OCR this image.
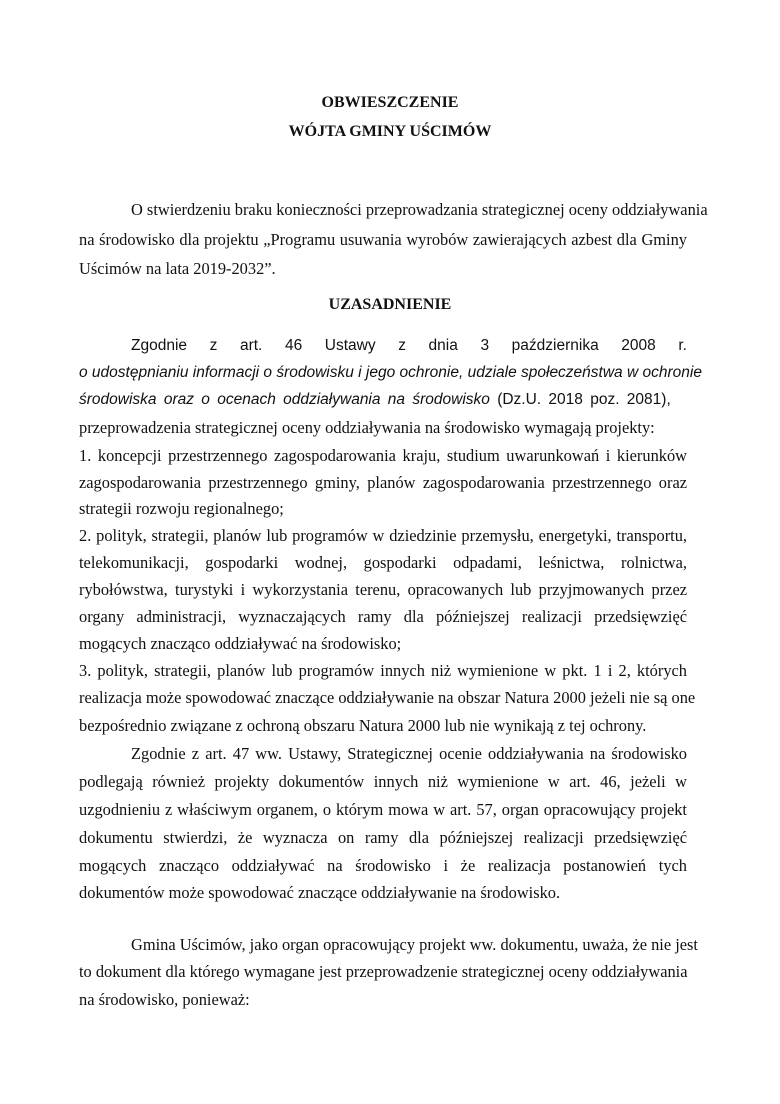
OBWIESZCZENIE
WÓJTA GMINY UŚCIMÓW
O stwierdzeniu braku konieczności przeprowadzania strategicznej oceny oddziaływania
na środowisko dla projektu „Programu usuwania wyrobów zawierających azbest dla Gminy
Uścimów na lata 2019-2032”.
UZASADNIENIE
Zgodnie z art. 46 Ustawy z dnia 3 października 2008 r.
o udostępnianiu informacji o środowisku i jego ochronie, udziale społeczeństwa w ochronie
środowiska oraz o ocenach oddziaływania na środowisko (Dz.U. 2018 poz. 2081),
przeprowadzenia strategicznej oceny oddziaływania na środowisko wymagają projekty:
1. koncepcji przestrzennego zagospodarowania kraju, studium uwarunkowań i kierunków
zagospodarowania przestrzennego gminy, planów zagospodarowania przestrzennego oraz
strategii rozwoju regionalnego;
2. polityk, strategii, planów lub programów w dziedzinie przemysłu, energetyki, transportu,
telekomunikacji, gospodarki wodnej, gospodarki odpadami, leśnictwa, rolnictwa,
rybołówstwa, turystyki i wykorzystania terenu, opracowanych lub przyjmowanych przez
organy administracji, wyznaczających ramy dla późniejszej realizacji przedsięwzięć
mogących znacząco oddziaływać na środowisko;
3. polityk, strategii, planów lub programów innych niż wymienione w pkt. 1 i 2, których
realizacja może spowodować znaczące oddziaływanie na obszar Natura 2000 jeżeli nie są one
bezpośrednio związane z ochroną obszaru Natura 2000 lub nie wynikają z tej ochrony.
Zgodnie z art. 47 ww. Ustawy, Strategicznej ocenie oddziaływania na środowisko
podlegają również projekty dokumentów innych niż wymienione w art. 46, jeżeli w
uzgodnieniu z właściwym organem, o którym mowa w art. 57, organ opracowujący projekt
dokumentu stwierdzi, że wyznacza on ramy dla późniejszej realizacji przedsięwzięć
mogących znacząco oddziaływać na środowisko i że realizacja postanowień tych
dokumentów może spowodować znaczące oddziaływanie na środowisko.
Gmina Uścimów, jako organ opracowujący projekt ww. dokumentu, uważa, że nie jest
to dokument dla którego wymagane jest przeprowadzenie strategicznej oceny oddziaływania
na środowisko, ponieważ:
